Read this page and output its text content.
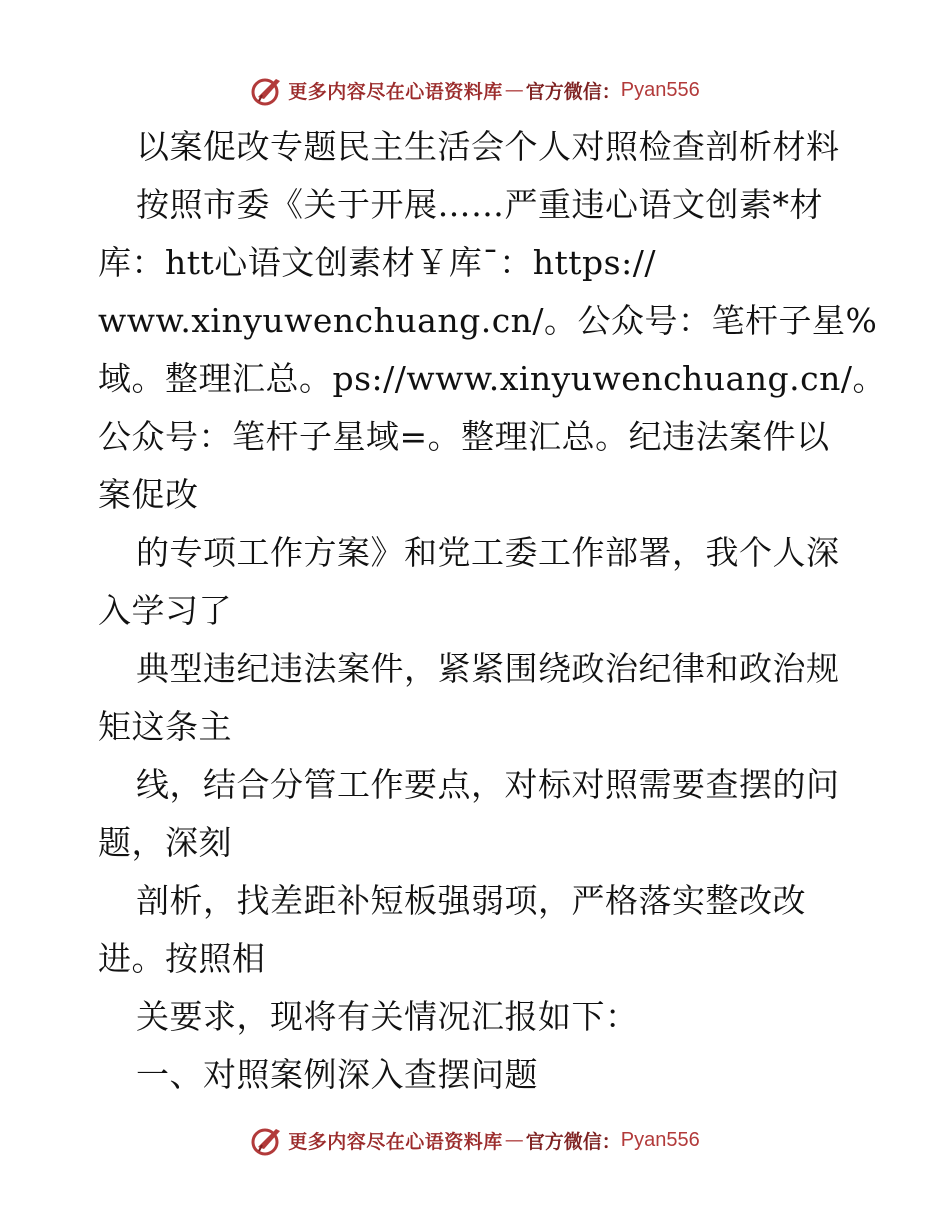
更多内容尽在心语资料库 — 官方微信： Pyan556
以案促改专题民主生活会个人对照检查剖析材料
按照市委《关于开展……严重违心语文创素*材
库：htt心语文创素材￥库¯：https://
www.xinyuwenchuang.cn/。公众号：笔杆子星%
域。整理汇总。ps://www.xinyuwenchuang.cn/。
公众号：笔杆子星域=。整理汇总。纪违法案件以
案促改
的专项工作方案》和党工委工作部署，我个人深
入学习了
典型违纪违法案件，紧紧围绕政治纪律和政治规
矩这条主
线，结合分管工作要点，对标对照需要查摆的问
题，深刻
剖析，找差距补短板强弱项，严格落实整改改
进。按照相
关要求，现将有关情况汇报如下：
一、对照案例深入查摆问题
更多内容尽在心语资料库 — 官方微信： Pyan556
